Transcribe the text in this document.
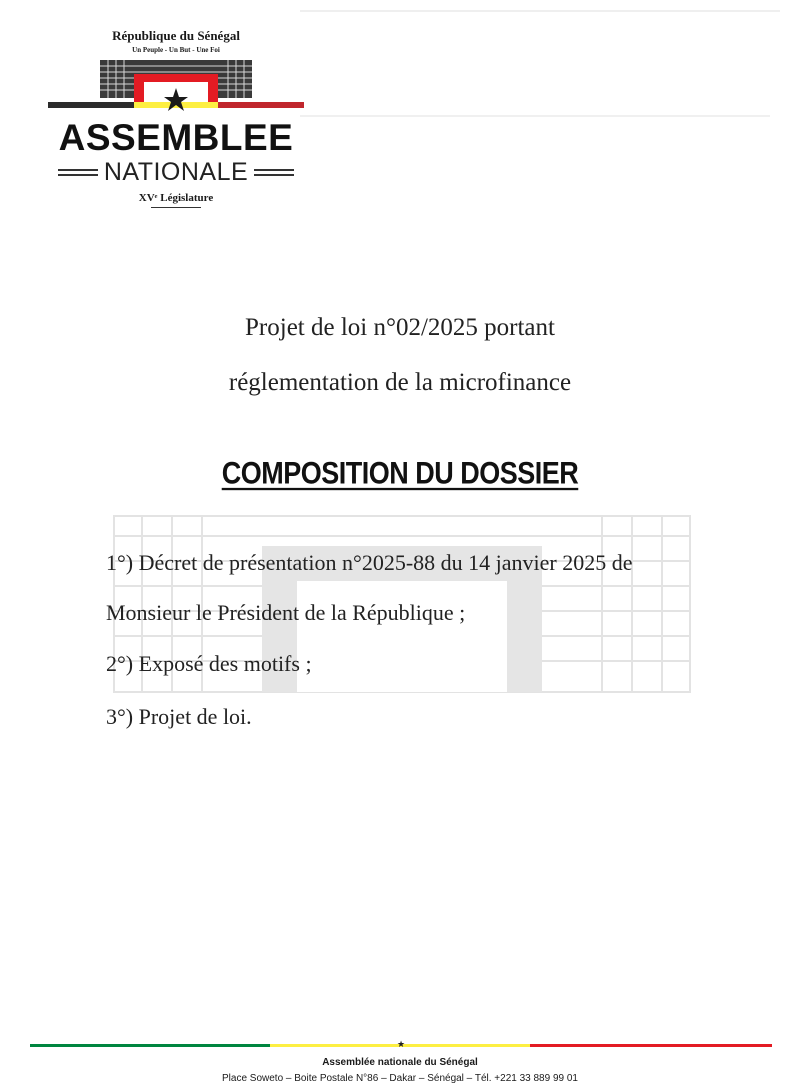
République du Sénégal
Un Peuple - Un But - Une Foi
ASSEMBLEE
NATIONALE
XVᵉ Législature
Projet de loi n°02/2025 portant
réglementation de la microfinance
COMPOSITION DU DOSSIER

1°) Décret de présentation n°2025-88 du 14 janvier 2025 de Monsieur le Président de la République ;

2°) Exposé des motifs ;

3°) Projet de loi.

★
Assemblée nationale du Sénégal
Place Soweto – Boite Postale N°86 – Dakar – Sénégal – Tél. +221 33 889 99 01
